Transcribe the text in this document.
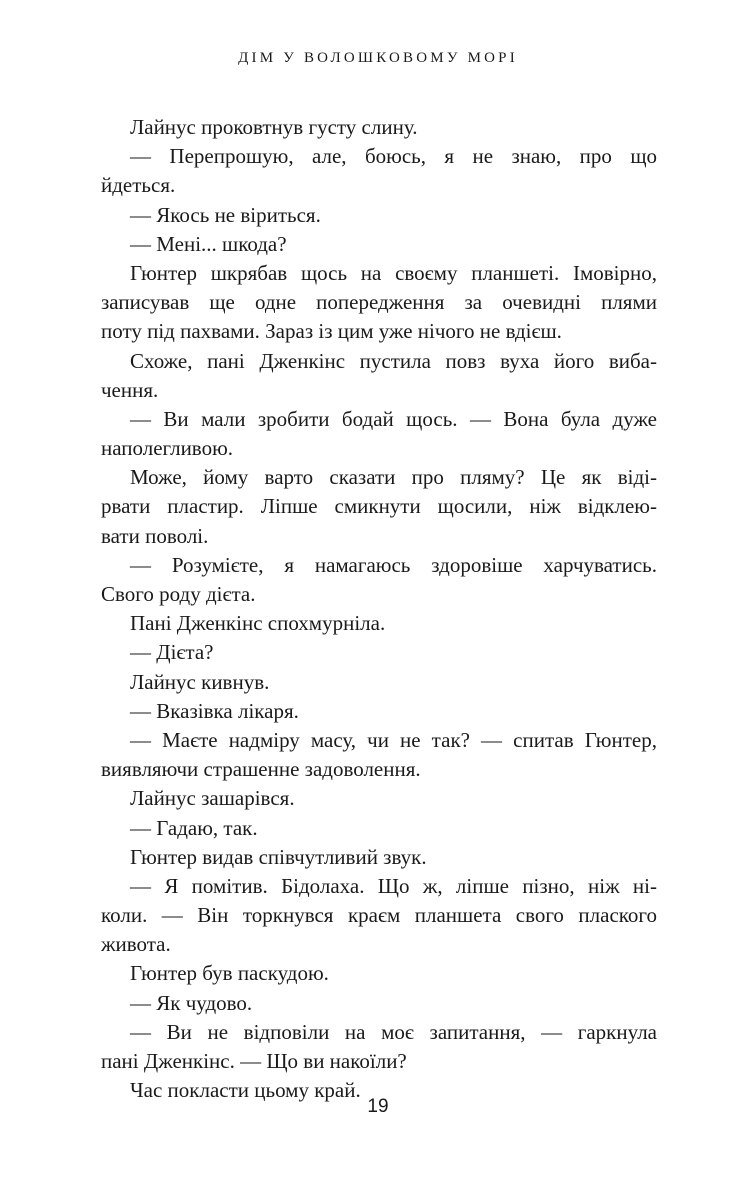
ДІМ У ВОЛОШКОВОМУ МОРІ
Лайнус проковтнув густу слину.
— Перепрошую, але, боюсь, я не знаю, про що
йдеться.
— Якось не віриться.
— Мені... шкода?
Гюнтер шкрябав щось на своєму планшеті. Імовірно,
записував ще одне попередження за очевидні плями
поту під пахвами. Зараз із цим уже нічого не вдієш.
Схоже, пані Дженкінс пустила повз вуха його виба-
чення.
— Ви мали зробити бодай щось. — Вона була дуже
наполегливою.
Може, йому варто сказати про пляму? Це як віді-
рвати пластир. Ліпше смикнути щосили, ніж відклею-
вати поволі.
— Розумієте, я намагаюсь здоровіше харчуватись.
Свого роду дієта.
Пані Дженкінс спохмурніла.
— Дієта?
Лайнус кивнув.
— Вказівка лікаря.
— Маєте надміру масу, чи не так? — спитав Гюнтер,
виявляючи страшенне задоволення.
Лайнус зашарівся.
— Гадаю, так.
Гюнтер видав співчутливий звук.
— Я помітив. Бідолаха. Що ж, ліпше пізно, ніж ні-
коли. — Він торкнувся краєм планшета свого плаского
живота.
Гюнтер був паскудою.
— Як чудово.
— Ви не відповіли на моє запитання, — гаркнула
пані Дженкінс. — Що ви накоїли?
Час покласти цьому край.
19
